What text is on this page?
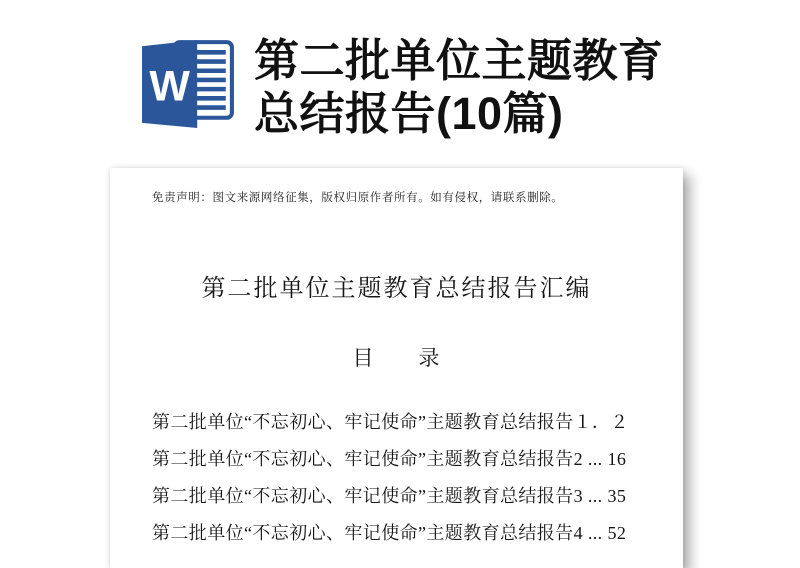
W
第二批单位主题教育
总结报告(10篇)

免责声明：图文来源网络征集，版权归原作者所有。如有侵权，请联系删除。

第二批单位主题教育总结报告汇编
目　　录
第二批单位“不忘初心、牢记使命”主题教育总结报告１．２
第二批单位“不忘初心、牢记使命”主题教育总结报告2 ... 16
第二批单位“不忘初心、牢记使命”主题教育总结报告3 ... 35
第二批单位“不忘初心、牢记使命”主题教育总结报告4 ... 52
